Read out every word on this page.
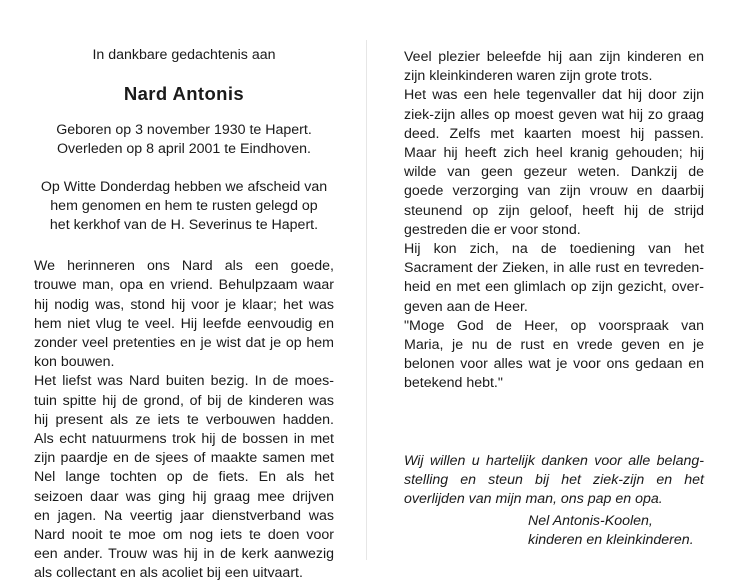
In dankbare gedachtenis aan
Nard Antonis
Geboren op 3 november 1930 te Hapert.
Overleden op 8 april 2001 te Eindhoven.
Op Witte Donderdag hebben we afscheid van
hem genomen en hem te rusten gelegd op
het kerkhof van de H. Severinus te Hapert.
We herinneren ons Nard als een goede,
trouwe man, opa en vriend. Behulpzaam waar
hij nodig was, stond hij voor je klaar; het was
hem niet vlug te veel. Hij leefde eenvoudig en
zonder veel pretenties en je wist dat je op hem
kon bouwen.
Het liefst was Nard buiten bezig. In de moes-
tuin spitte hij de grond, of bij de kinderen was
hij present als ze iets te verbouwen hadden.
Als echt natuurmens trok hij de bossen in met
zijn paardje en de sjees of maakte samen met
Nel lange tochten op de fiets. En als het
seizoen daar was ging hij graag mee drijven
en jagen. Na veertig jaar dienstverband was
Nard nooit te moe om nog iets te doen voor
een ander. Trouw was hij in de kerk aanwezig
als collectant en als acoliet bij een uitvaart.
Veel plezier beleefde hij aan zijn kinderen en
zijn kleinkinderen waren zijn grote trots.
Het was een hele tegenvaller dat hij door zijn
ziek-zijn alles op moest geven wat hij zo graag
deed. Zelfs met kaarten moest hij passen.
Maar hij heeft zich heel kranig gehouden; hij
wilde van geen gezeur weten. Dankzij de
goede verzorging van zijn vrouw en daarbij
steunend op zijn geloof, heeft hij de strijd
gestreden die er voor stond.
Hij kon zich, na de toediening van het
Sacrament der Zieken, in alle rust en tevreden-
heid en met een glimlach op zijn gezicht, over-
geven aan de Heer.
"Moge God de Heer, op voorspraak van
Maria, je nu de rust en vrede geven en je
belonen voor alles wat je voor ons gedaan en
betekend hebt."
Wij willen u hartelijk danken voor alle belang-
stelling en steun bij het ziek-zijn en het
overlijden van mijn man, ons pap en opa.
Nel Antonis-Koolen,
kinderen en kleinkinderen.
